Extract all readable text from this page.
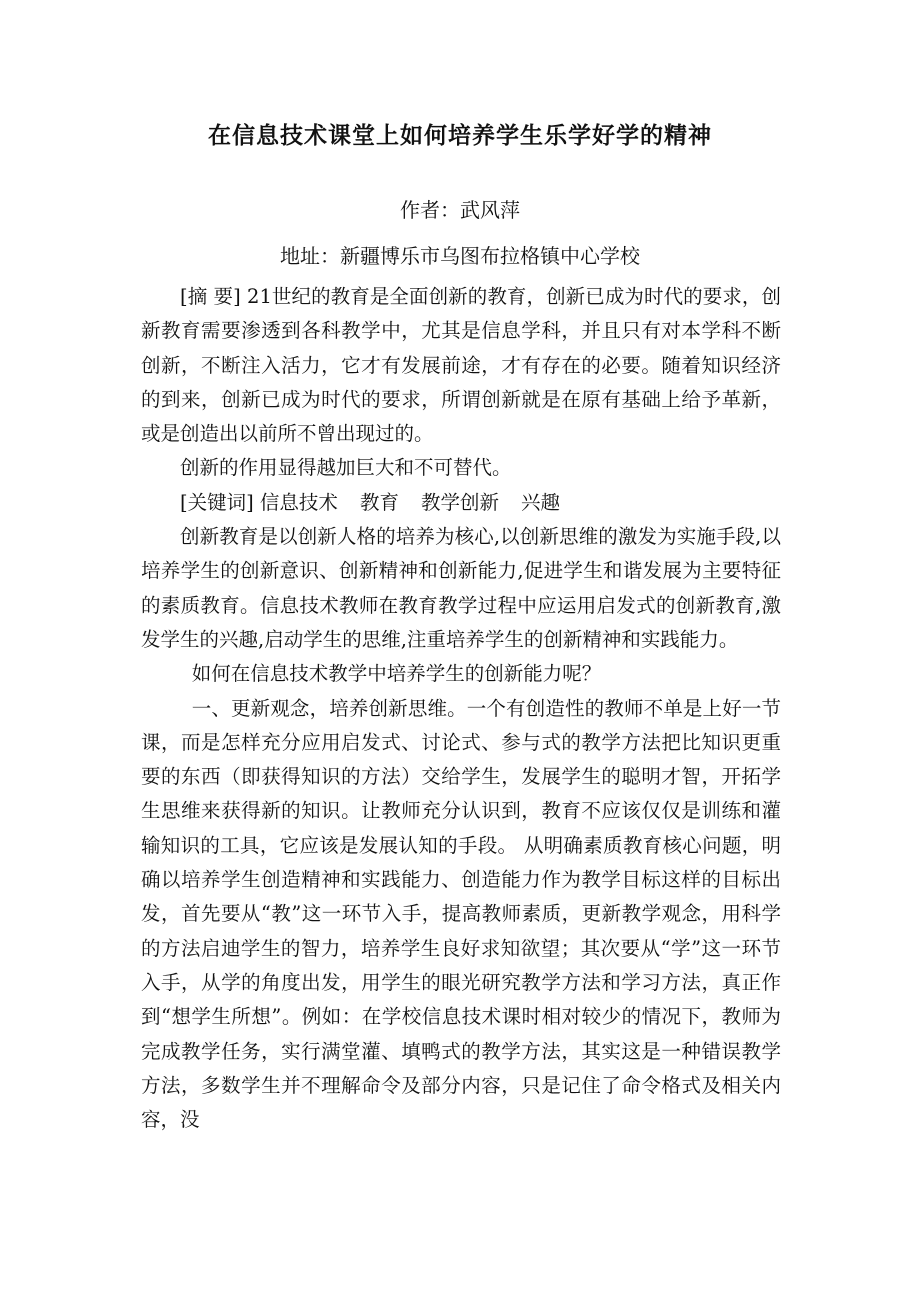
在信息技术课堂上如何培养学生乐学好学的精神
作者：武风萍
地址：新疆博乐市乌图布拉格镇中心学校

[摘 要] 21世纪的教育是全面创新的教育，创新已成为时代的要求，创新教育需要渗透到各科教学中，尤其是信息学科，并且只有对本学科不断创新，不断注入活力，它才有发展前途，才有存在的必要。随着知识经济的到来，创新已成为时代的要求，所谓创新就是在原有基础上给予革新，或是创造出以前所不曾出现过的。

创新的作用显得越加巨大和不可替代。

[关键词] 信息技术 教育 教学创新 兴趣

创新教育是以创新人格的培养为核心,以创新思维的激发为实施手段,以培养学生的创新意识、创新精神和创新能力,促进学生和谐发展为主要特征的素质教育。信息技术教师在教育教学过程中应运用启发式的创新教育,激发学生的兴趣,启动学生的思维,注重培养学生的创新精神和实践能力。

如何在信息技术教学中培养学生的创新能力呢？

一、更新观念，培养创新思维。一个有创造性的教师不单是上好一节课，而是怎样充分应用启发式、讨论式、参与式的教学方法把比知识更重要的东西（即获得知识的方法）交给学生，发展学生的聪明才智，开拓学生思维来获得新的知识。让教师充分认识到，教育不应该仅仅是训练和灌输知识的工具，它应该是发展认知的手段。 从明确素质教育核心问题，明确以培养学生创造精神和实践能力、创造能力作为教学目标这样的目标出发，首先要从“教”这一环节入手，提高教师素质，更新教学观念，用科学的方法启迪学生的智力，培养学生良好求知欲望；其次要从“学”这一环节入手，从学的角度出发，用学生的眼光研究教学方法和学习方法，真正作到“想学生所想”。例如：在学校信息技术课时相对较少的情况下，教师为完成教学任务，实行满堂灌、填鸭式的教学方法，其实这是一种错误教学方法，多数学生并不理解命令及部分内容，只是记住了命令格式及相关内容，没
